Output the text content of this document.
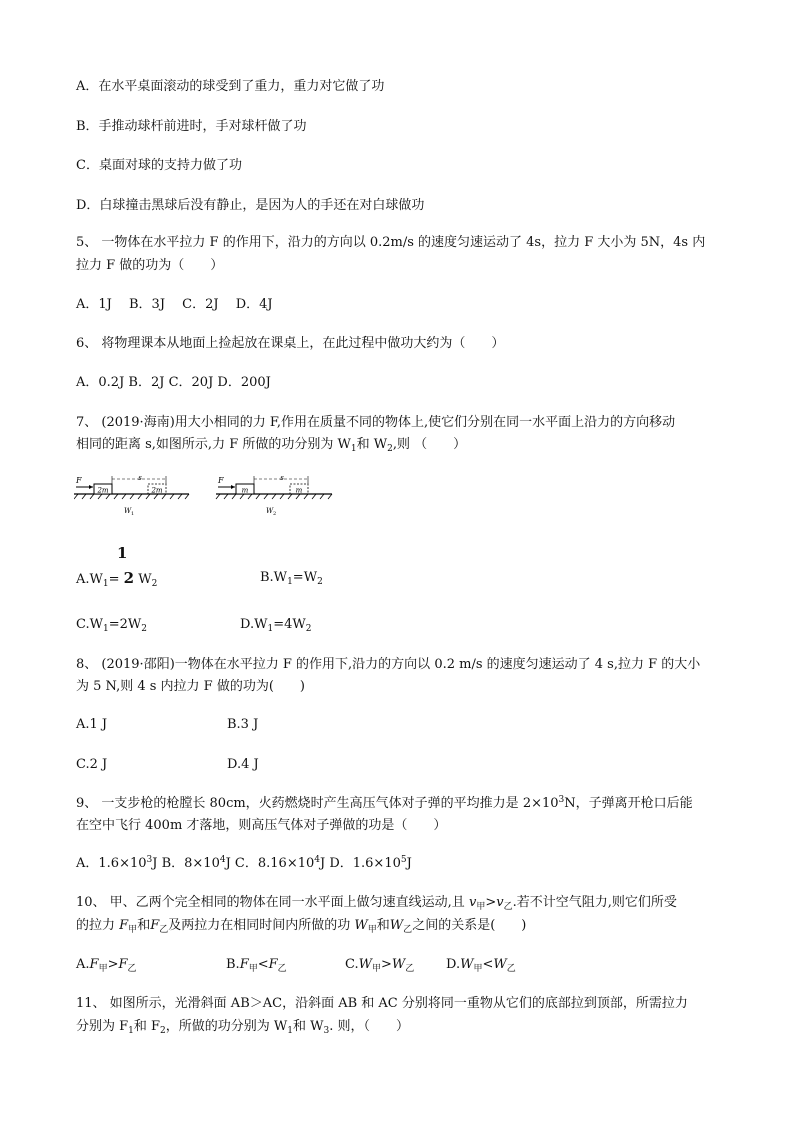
A．在水平桌面滚动的球受到了重力，重力对它做了功
B．手推动球杆前进时，手对球杆做了功
C．桌面对球的支持力做了功
D．白球撞击黑球后没有静止，是因为人的手还在对白球做功
5、 一物体在水平拉力 F 的作用下，沿力的方向以 0.2m/s 的速度匀速运动了 4s，拉力 F 大小为 5N，4s 内
拉力 F 做的功为（　　）
A．1J　 B．3J　 C．2J　 D．4J
6、 将物理课本从地面上捡起放在课桌上，在此过程中做功大约为（　　）
A．0.2J B．2J C．20J D．200J
7、 (2019·海南)用大小相同的力 F,作用在质量不同的物体上,使它们分别在同一水平面上沿力的方向移动
相同的距离 s,如图所示,力 F 所做的功分别为 $W_1$和 $W_2$,则 （　　）
2m
F
2m
s
W 1
m
F
m
s
W 2
1
$A.W_1= 2$ $W_2$	$B.W_1=W_2$
$C.W_1=2W_2$	$D.W_1=4W_2$
8、 (2019·邵阳)一物体在水平拉力 F 的作用下,沿力的方向以 0.2 m/s 的速度匀速运动了 4 s,拉力 F 的大小
为 5 N,则 4 s 内拉力 F 做的功为(　　)
A.1 J	B.3 J
C.2 J	D.4 J
9、 一支步枪的枪膛长 80cm，火药燃烧时产生高压气体对子弹的平均推力是 $2\times 10^3N$，子弹离开枪口后能
在空中飞行 400m 才落地，则高压气体对子弹做的功是（　　）
A．$1.6\times 10^3J$ B．$8\times 10^4J$ C．$8.16\times 10^4J$ D．$1.6\times 10^5J$
10、 甲、乙两个完全相同的物体在同一水平面上做匀速直线运动,且 $v_甲>v_乙$.若不计空气阻力,则它们所受
的拉力 $F_甲$和$F_乙$及两拉力在相同时间内所做的功 $W_甲$和$W_乙$之间的关系是(　　)
$A.F_甲>F_乙$	$B.F_甲<F_乙$	$C.W_甲>W_乙$ $D.W_甲<W_乙$
11、 如图所示，光滑斜面 AB＞AC，沿斜面 AB 和 AC 分别将同一重物从它们的底部拉到顶部，所需拉力
分别为 $F_1$和 $F_2$，所做的功分别为 $W_1$和 $W_3$. 则，（　　）
